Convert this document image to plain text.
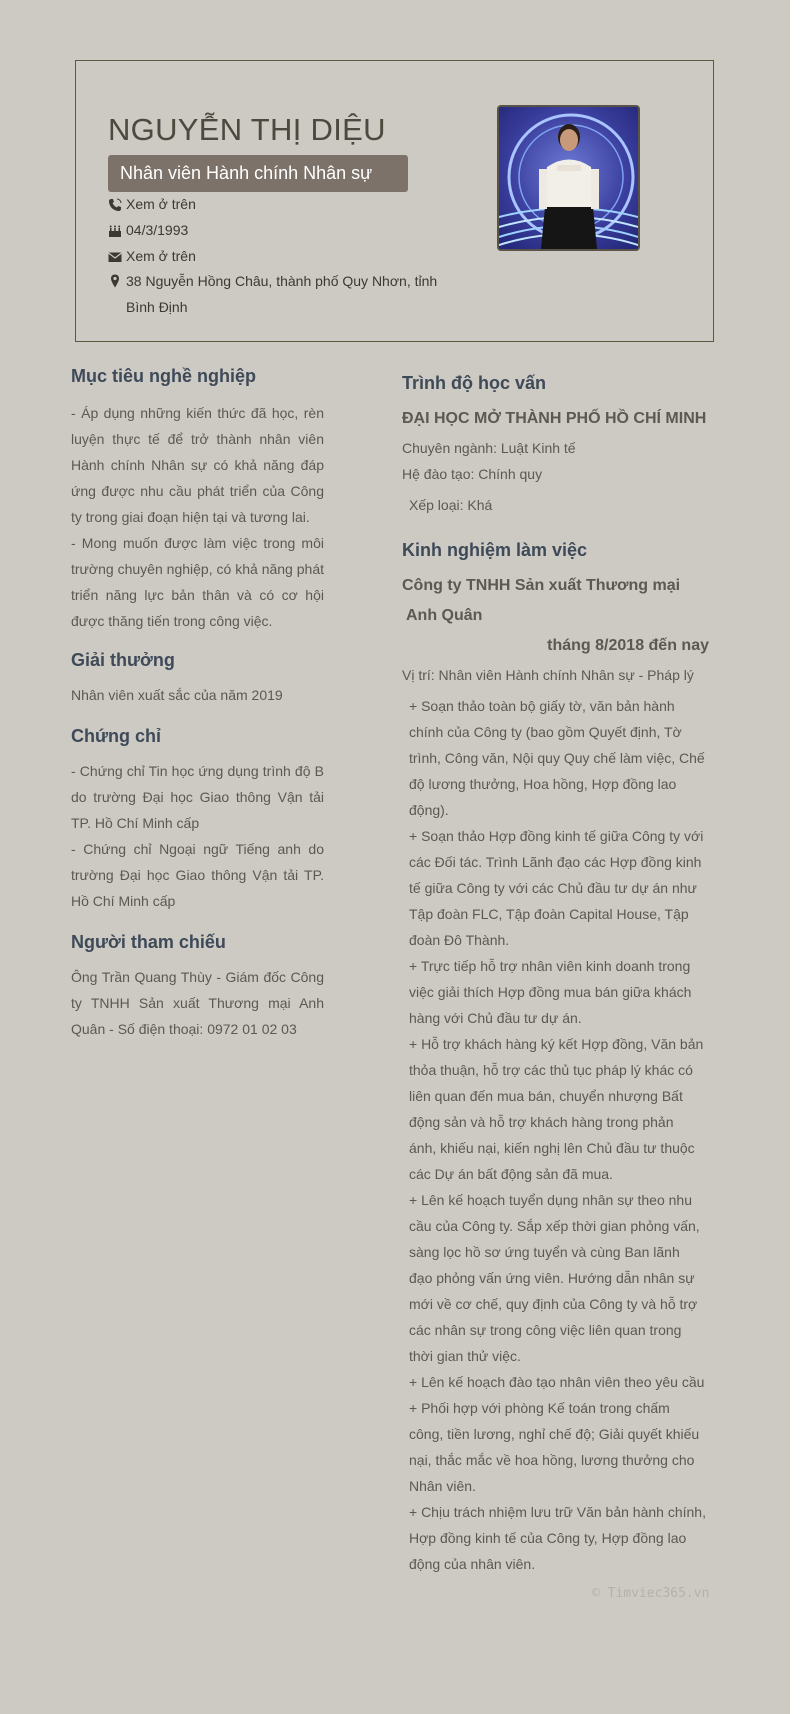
NGUYỄN THỊ DIỆU
Nhân viên Hành chính Nhân sự
Xem ở trên
04/3/1993
Xem ở trên
38 Nguyễn Hồng Châu, thành phố Quy Nhơn, tỉnh
Bình Định
Mục tiêu nghề nghiệp
- Áp dụng những kiến thức đã học, rèn
luyện thực tế để trở thành nhân viên
Hành chính Nhân sự có khả năng đáp
ứng được nhu cầu phát triển của Công
ty trong giai đoạn hiện tại và tương lai.
- Mong muốn được làm việc trong môi
trường chuyên nghiệp, có khả năng phát
triển năng lực bản thân và có cơ hội
được thăng tiến trong công việc.
Giải thưởng
Nhân viên xuất sắc của năm 2019
Chứng chỉ
- Chứng chỉ Tin học ứng dụng trình độ B
do trường Đại học Giao thông Vận tải
TP. Hồ Chí Minh cấp
- Chứng chỉ Ngoại ngữ Tiếng anh do
trường Đại học Giao thông Vận tải TP.
Hồ Chí Minh cấp
Người tham chiếu
Ông Trần Quang Thùy - Giám đốc Công
ty TNHH Sản xuất Thương mại Anh
Quân - Số điện thoại: 0972 01 02 03
Trình độ học vấn
ĐẠI HỌC MỞ THÀNH PHỐ HỒ CHÍ MINH
Chuyên ngành: Luật Kinh tế
Hệ đào tạo: Chính quy
Xếp loại: Khá
Kinh nghiệm làm việc
Công ty TNHH Sản xuất Thương mại
Anh Quân
tháng 8/2018 đến nay
Vị trí: Nhân viên Hành chính Nhân sự - Pháp lý
+ Soạn thảo toàn bộ giấy tờ, văn bản hành
chính của Công ty (bao gồm Quyết định, Tờ
trình, Công văn, Nội quy Quy chế làm việc, Chế
độ lương thưởng, Hoa hồng, Hợp đồng lao
động).
+ Soạn thảo Hợp đồng kinh tế giữa Công ty với
các Đối tác. Trình Lãnh đạo các Hợp đồng kinh
tế giữa Công ty với các Chủ đầu tư dự án như
Tập đoàn FLC, Tập đoàn Capital House, Tập
đoàn Đô Thành.
+ Trực tiếp hỗ trợ nhân viên kinh doanh trong
việc giải thích Hợp đồng mua bán giữa khách
hàng với Chủ đầu tư dự án.
+ Hỗ trợ khách hàng ký kết Hợp đồng, Văn bản
thỏa thuận, hỗ trợ các thủ tục pháp lý khác có
liên quan đến mua bán, chuyển nhượng Bất
động sản và hỗ trợ khách hàng trong phản
ánh, khiếu nại, kiến nghị lên Chủ đầu tư thuộc
các Dự án bất động sản đã mua.
+ Lên kế hoạch tuyển dụng nhân sự theo nhu
cầu của Công ty. Sắp xếp thời gian phỏng vấn,
sàng lọc hồ sơ ứng tuyển và cùng Ban lãnh
đạo phỏng vấn ứng viên. Hướng dẫn nhân sự
mới về cơ chế, quy định của Công ty và hỗ trợ
các nhân sự trong công việc liên quan trong
thời gian thử việc.
+ Lên kế hoạch đào tạo nhân viên theo yêu cầu
+ Phối hợp với phòng Kế toán trong chấm
công, tiền lương, nghỉ chế độ; Giải quyết khiếu
nại, thắc mắc về hoa hồng, lương thưởng cho
Nhân viên.
+ Chịu trách nhiệm lưu trữ Văn bản hành chính,
Hợp đồng kinh tế của Công ty, Hợp đồng lao
động của nhân viên.
© Timviec365.vn
